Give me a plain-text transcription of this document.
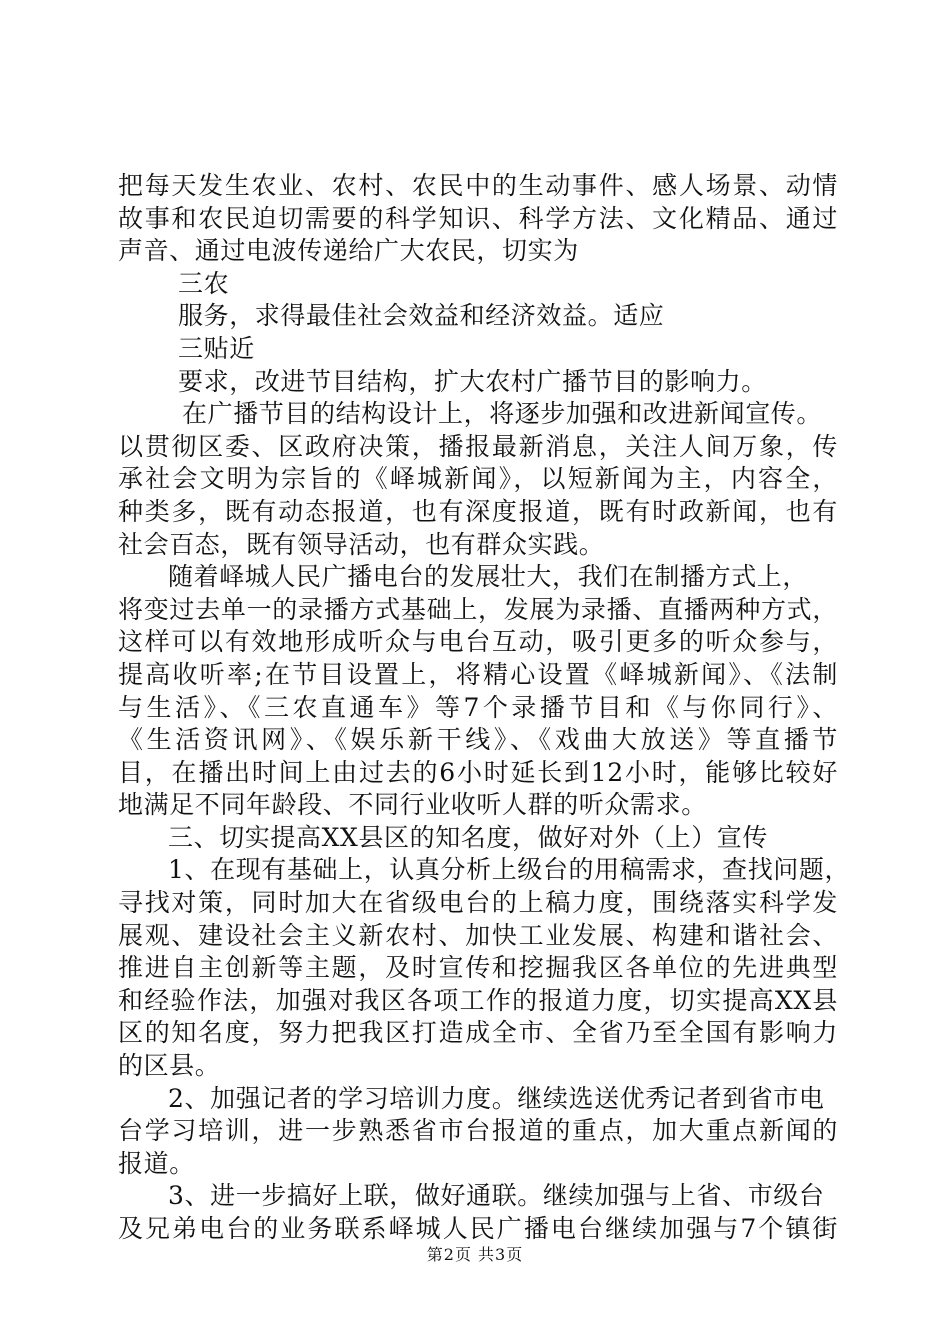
把每天发生农业、农村、农民中的生动事件、感人场景、动情
故事和农民迫切需要的科学知识、科学方法、文化精品、通过
声音、通过电波传递给广大农民，切实为
三农
服务，求得最佳社会效益和经济效益。适应
三贴近
要求，改进节目结构，扩大农村广播节目的影响力。
在广播节目的结构设计上，将逐步加强和改进新闻宣传。
以贯彻区委、区政府决策，播报最新消息，关注人间万象，传
承社会文明为宗旨的《峄城新闻》，以短新闻为主，内容全，
种类多，既有动态报道，也有深度报道，既有时政新闻，也有
社会百态，既有领导活动，也有群众实践。
随着峄城人民广播电台的发展壮大，我们在制播方式上，
将变过去单一的录播方式基础上，发展为录播、直播两种方式，
这样可以有效地形成听众与电台互动，吸引更多的听众参与，
提高收听率;在节目设置上，将精心设置《峄城新闻》、《法制
与生活》、《三农直通车》等7个录播节目和《与你同行》、
《生活资讯网》、《娱乐新干线》、《戏曲大放送》等直播节
目，在播出时间上由过去的6小时延长到12小时，能够比较好
地满足不同年龄段、不同行业收听人群的听众需求。
三、切实提高XX县区的知名度，做好对外（上）宣传
1、在现有基础上，认真分析上级台的用稿需求，查找问题，
寻找对策，同时加大在省级电台的上稿力度，围绕落实科学发
展观、建设社会主义新农村、加快工业发展、构建和谐社会、
推进自主创新等主题，及时宣传和挖掘我区各单位的先进典型
和经验作法，加强对我区各项工作的报道力度，切实提高XX县
区的知名度，努力把我区打造成全市、全省乃至全国有影响力
的区县。
2、加强记者的学习培训力度。继续选送优秀记者到省市电
台学习培训，进一步熟悉省市台报道的重点，加大重点新闻的
报道。
3、进一步搞好上联，做好通联。继续加强与上省、市级台
及兄弟电台的业务联系峄城人民广播电台继续加强与7个镇街
第2页 共3页
